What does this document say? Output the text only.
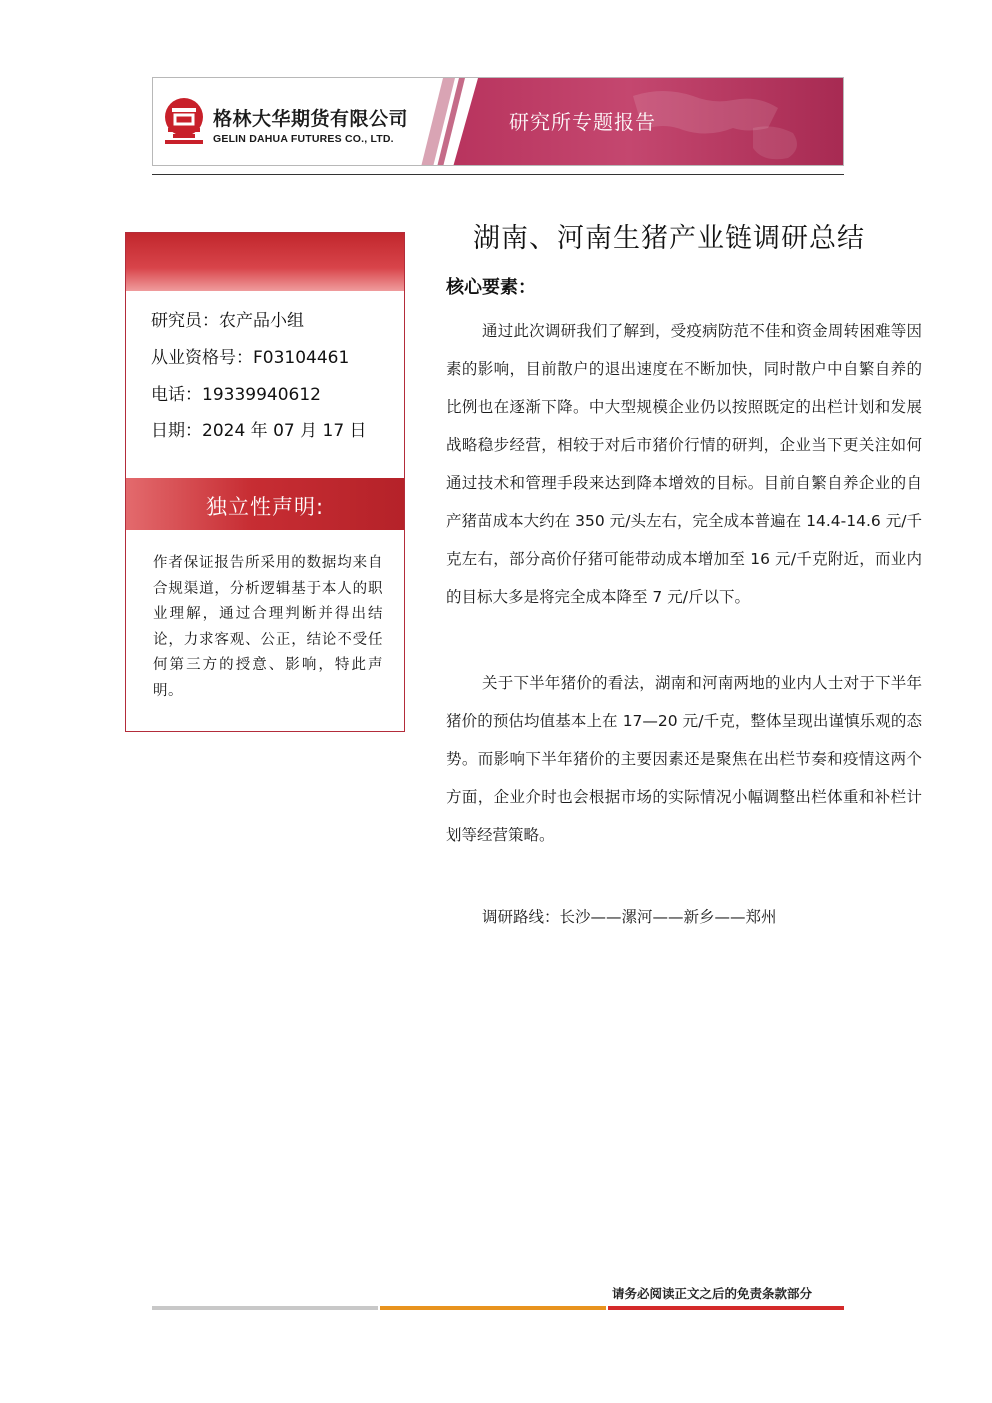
格林大华期货有限公司
GELIN DAHUA FUTURES CO., LTD.
研究所专题报告
研究员：农产品小组
从业资格号：F03104461
电话：19339940612
日期：2024 年 07 月 17 日
独立性声明:
作者保证报告所采用的数据均来自合规渠道，分析逻辑基于本人的职业理解，通过合理判断并得出结论，力求客观、公正，结论不受任何第三方的授意、影响，特此声明。
湖南、河南生猪产业链调研总结
核心要素：
通过此次调研我们了解到，受疫病防范不佳和资金周转困难等因素的影响，目前散户的退出速度在不断加快，同时散户中自繁自养的比例也在逐渐下降。中大型规模企业仍以按照既定的出栏计划和发展战略稳步经营，相较于对后市猪价行情的研判，企业当下更关注如何通过技术和管理手段来达到降本增效的目标。目前自繁自养企业的自产猪苗成本大约在 350 元/头左右，完全成本普遍在 14.4-14.6 元/千克左右，部分高价仔猪可能带动成本增加至 16 元/千克附近，而业内的目标大多是将完全成本降至 7 元/斤以下。
关于下半年猪价的看法，湖南和河南两地的业内人士对于下半年猪价的预估均值基本上在 17—20 元/千克，整体呈现出谨慎乐观的态势。而影响下半年猪价的主要因素还是聚焦在出栏节奏和疫情这两个方面，企业介时也会根据市场的实际情况小幅调整出栏体重和补栏计划等经营策略。
调研路线：长沙——漯河——新乡——郑州
请务必阅读正文之后的免责条款部分
